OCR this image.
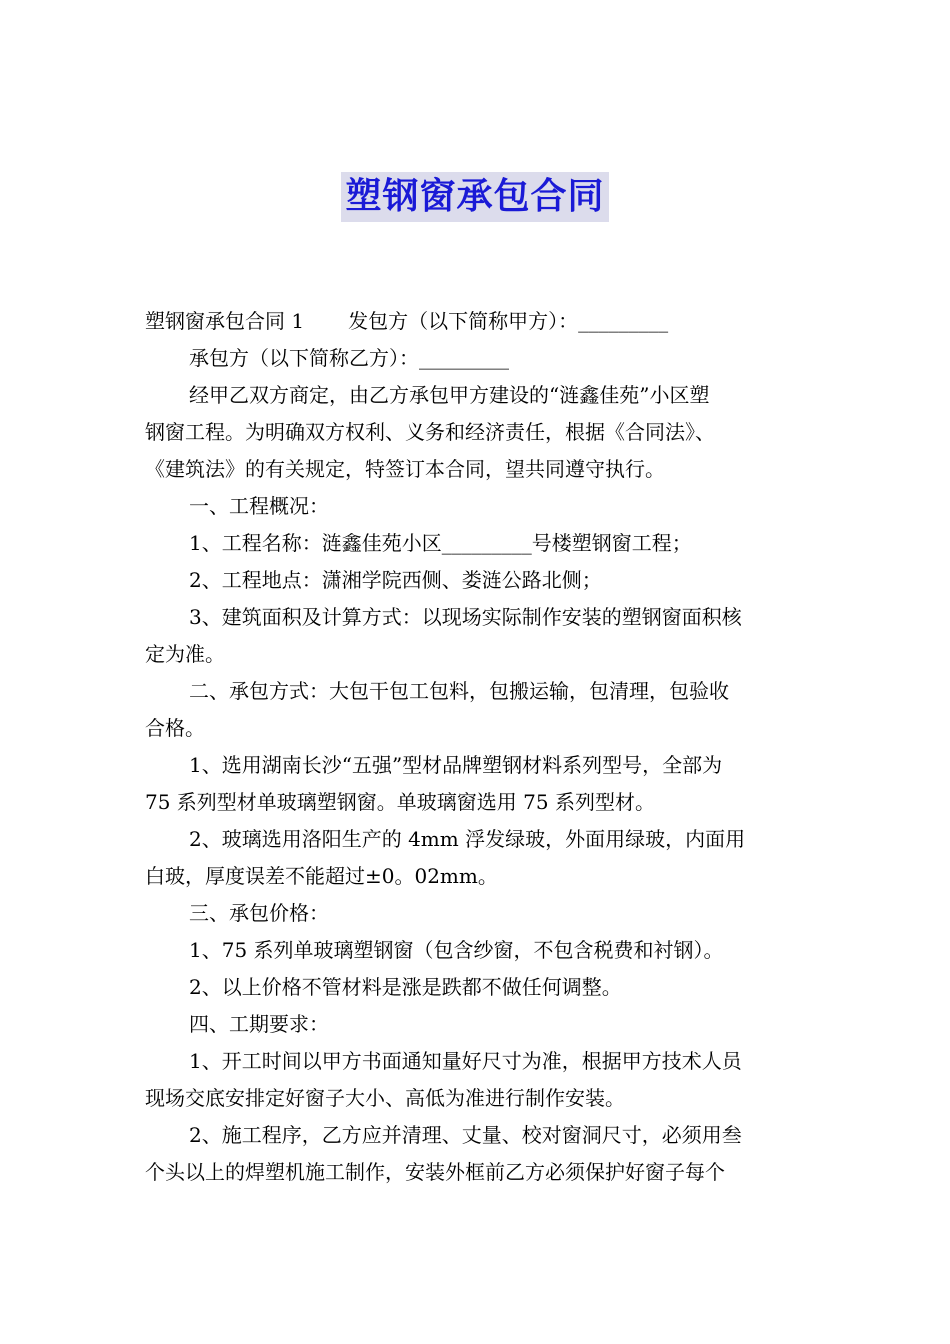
塑钢窗承包合同
塑钢窗承包合同 1 发包方（以下简称甲方）：_________
承包方（以下简称乙方）：_________
经甲乙双方商定，由乙方承包甲方建设的“涟鑫佳苑”小区塑
钢窗工程。为明确双方权利、义务和经济责任，根据《合同法》、
《建筑法》的有关规定，特签订本合同，望共同遵守执行。
一、工程概况：
1、工程名称：涟鑫佳苑小区_________号楼塑钢窗工程；
2、工程地点：潇湘学院西侧、娄涟公路北侧；
3、建筑面积及计算方式：以现场实际制作安装的塑钢窗面积核
定为准。
二、承包方式：大包干包工包料，包搬运输，包清理，包验收
合格。
1、选用湖南长沙“五强”型材品牌塑钢材料系列型号，全部为
75 系列型材单玻璃塑钢窗。单玻璃窗选用 75 系列型材。
2、玻璃选用洛阳生产的 4mm 浮发绿玻，外面用绿玻，内面用
白玻，厚度误差不能超过±0。02mm。
三、承包价格：
1、75 系列单玻璃塑钢窗（包含纱窗，不包含税费和衬钢）。
2、以上价格不管材料是涨是跌都不做任何调整。
四、工期要求：
1、开工时间以甲方书面通知量好尺寸为准，根据甲方技术人员
现场交底安排定好窗子大小、高低为准进行制作安装。
2、施工程序，乙方应并清理、丈量、校对窗洞尺寸，必须用叁
个头以上的焊塑机施工制作，安装外框前乙方必须保护好窗子每个
